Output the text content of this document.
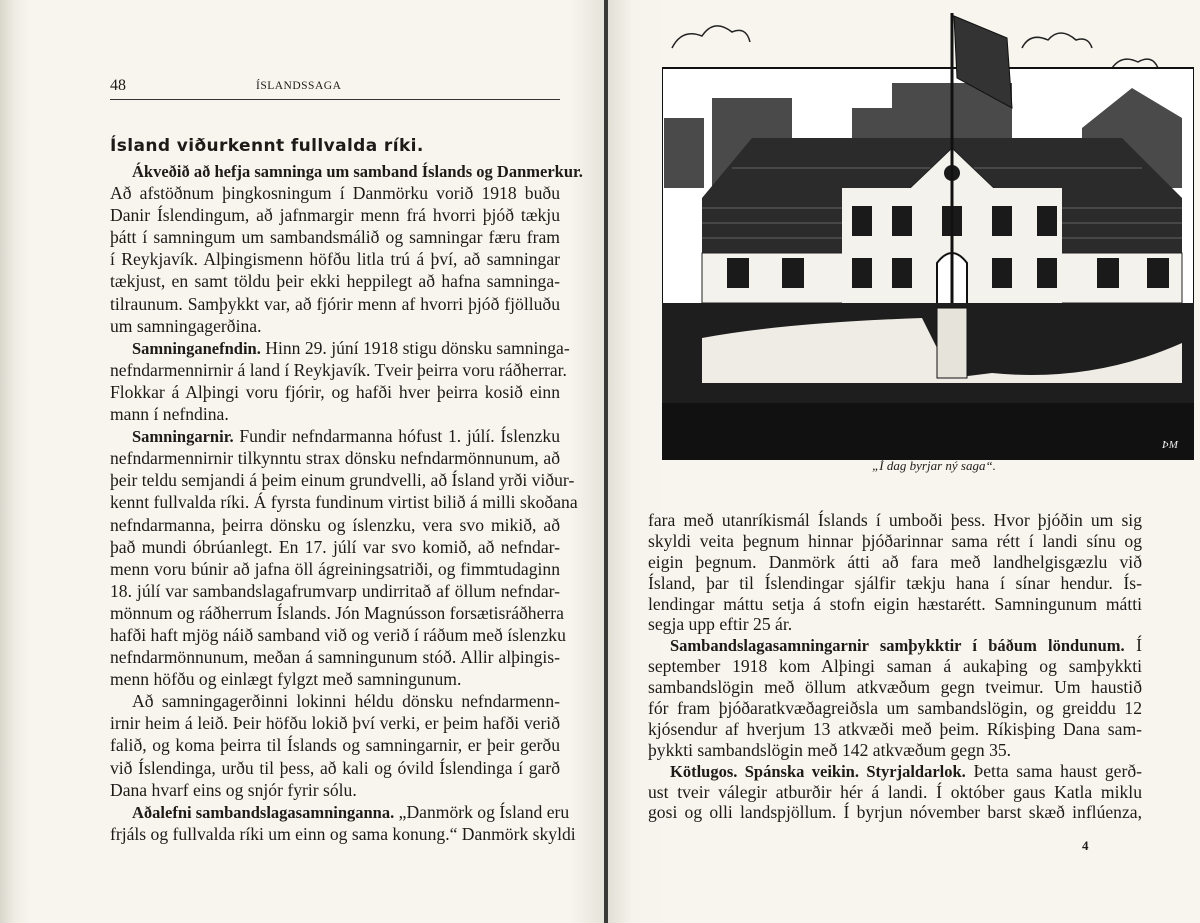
48	ÍSLANDSSAGA
Ísland viðurkennt fullvalda ríki.
Ákveðið að hefja samninga um samband Íslands og Danmerkur.
Að afstöðnum þingkosningum í Danmörku vorið 1918 buðu
Danir Íslendingum, að jafnmargir menn frá hvorri þjóð tækju
þátt í samningum um sambandsmálið og samningar færu fram
í Reykjavík. Alþingismenn höfðu litla trú á því, að samningar
tækjust, en samt töldu þeir ekki heppilegt að hafna samninga-
tilraunum. Samþykkt var, að fjórir menn af hvorri þjóð fjölluðu
um samningagerðina.
Samninganefndin. Hinn 29. júní 1918 stigu dönsku samninga-
nefndarmennirnir á land í Reykjavík. Tveir þeirra voru ráðherrar.
Flokkar á Alþingi voru fjórir, og hafði hver þeirra kosið einn
mann í nefndina.
Samningarnir. Fundir nefndarmanna hófust 1. júlí. Íslenzku
nefndarmennirnir tilkynntu strax dönsku nefndarmönnunum, að
þeir teldu semjandi á þeim einum grundvelli, að Ísland yrði viður-
kennt fullvalda ríki. Á fyrsta fundinum virtist bilið á milli skoðana
nefndarmanna, þeirra dönsku og íslenzku, vera svo mikið, að
það mundi óbrúanlegt. En 17. júlí var svo komið, að nefndar-
menn voru búnir að jafna öll ágreiningsatriði, og fimmtudaginn
18. júlí var sambandslagafrumvarp undirritað af öllum nefndar-
mönnum og ráðherrum Íslands. Jón Magnússon forsætisráðherra
hafði haft mjög náið samband við og verið í ráðum með íslenzku
nefndarmönnunum, meðan á samningunum stóð. Allir alþingis-
menn höfðu og einlægt fylgzt með samningunum.
Að samningagerðinni lokinni héldu dönsku nefndarmenn-
irnir heim á leið. Þeir höfðu lokið því verki, er þeim hafði verið
falið, og koma þeirra til Íslands og samningarnir, er þeir gerðu
við Íslendinga, urðu til þess, að kali og óvild Íslendinga í garð
Dana hvarf eins og snjór fyrir sólu.
Aðalefni sambandslagasamninganna. „Danmörk og Ísland eru
frjáls og fullvalda ríki um einn og sama konung.“ Danmörk skyldi
ÞM
„Í dag byrjar ný saga“.
fara með utanríkismál Íslands í umboði þess. Hvor þjóðin um sig
skyldi veita þegnum hinnar þjóðarinnar sama rétt í landi sínu og
eigin þegnum. Danmörk átti að fara með landhelgisgæzlu við
Ísland, þar til Íslendingar sjálfir tækju hana í sínar hendur. Ís-
lendingar máttu setja á stofn eigin hæstarétt. Samningunum mátti
segja upp eftir 25 ár.
Sambandslagasamningarnir samþykktir í báðum löndunum. Í
september 1918 kom Alþingi saman á aukaþing og samþykkti
sambandslögin með öllum atkvæðum gegn tveimur. Um haustið
fór fram þjóðaratkvæðagreiðsla um sambandslögin, og greiddu 12
kjósendur af hverjum 13 atkvæði með þeim. Ríkisþing Dana sam-
þykkti sambandslögin með 142 atkvæðum gegn 35.
Kötlugos. Spánska veikin. Styrjaldarlok. Þetta sama haust gerð-
ust tveir válegir atburðir hér á landi. Í október gaus Katla miklu
gosi og olli landspjöllum. Í byrjun nóvember barst skæð inflúenza,
4
